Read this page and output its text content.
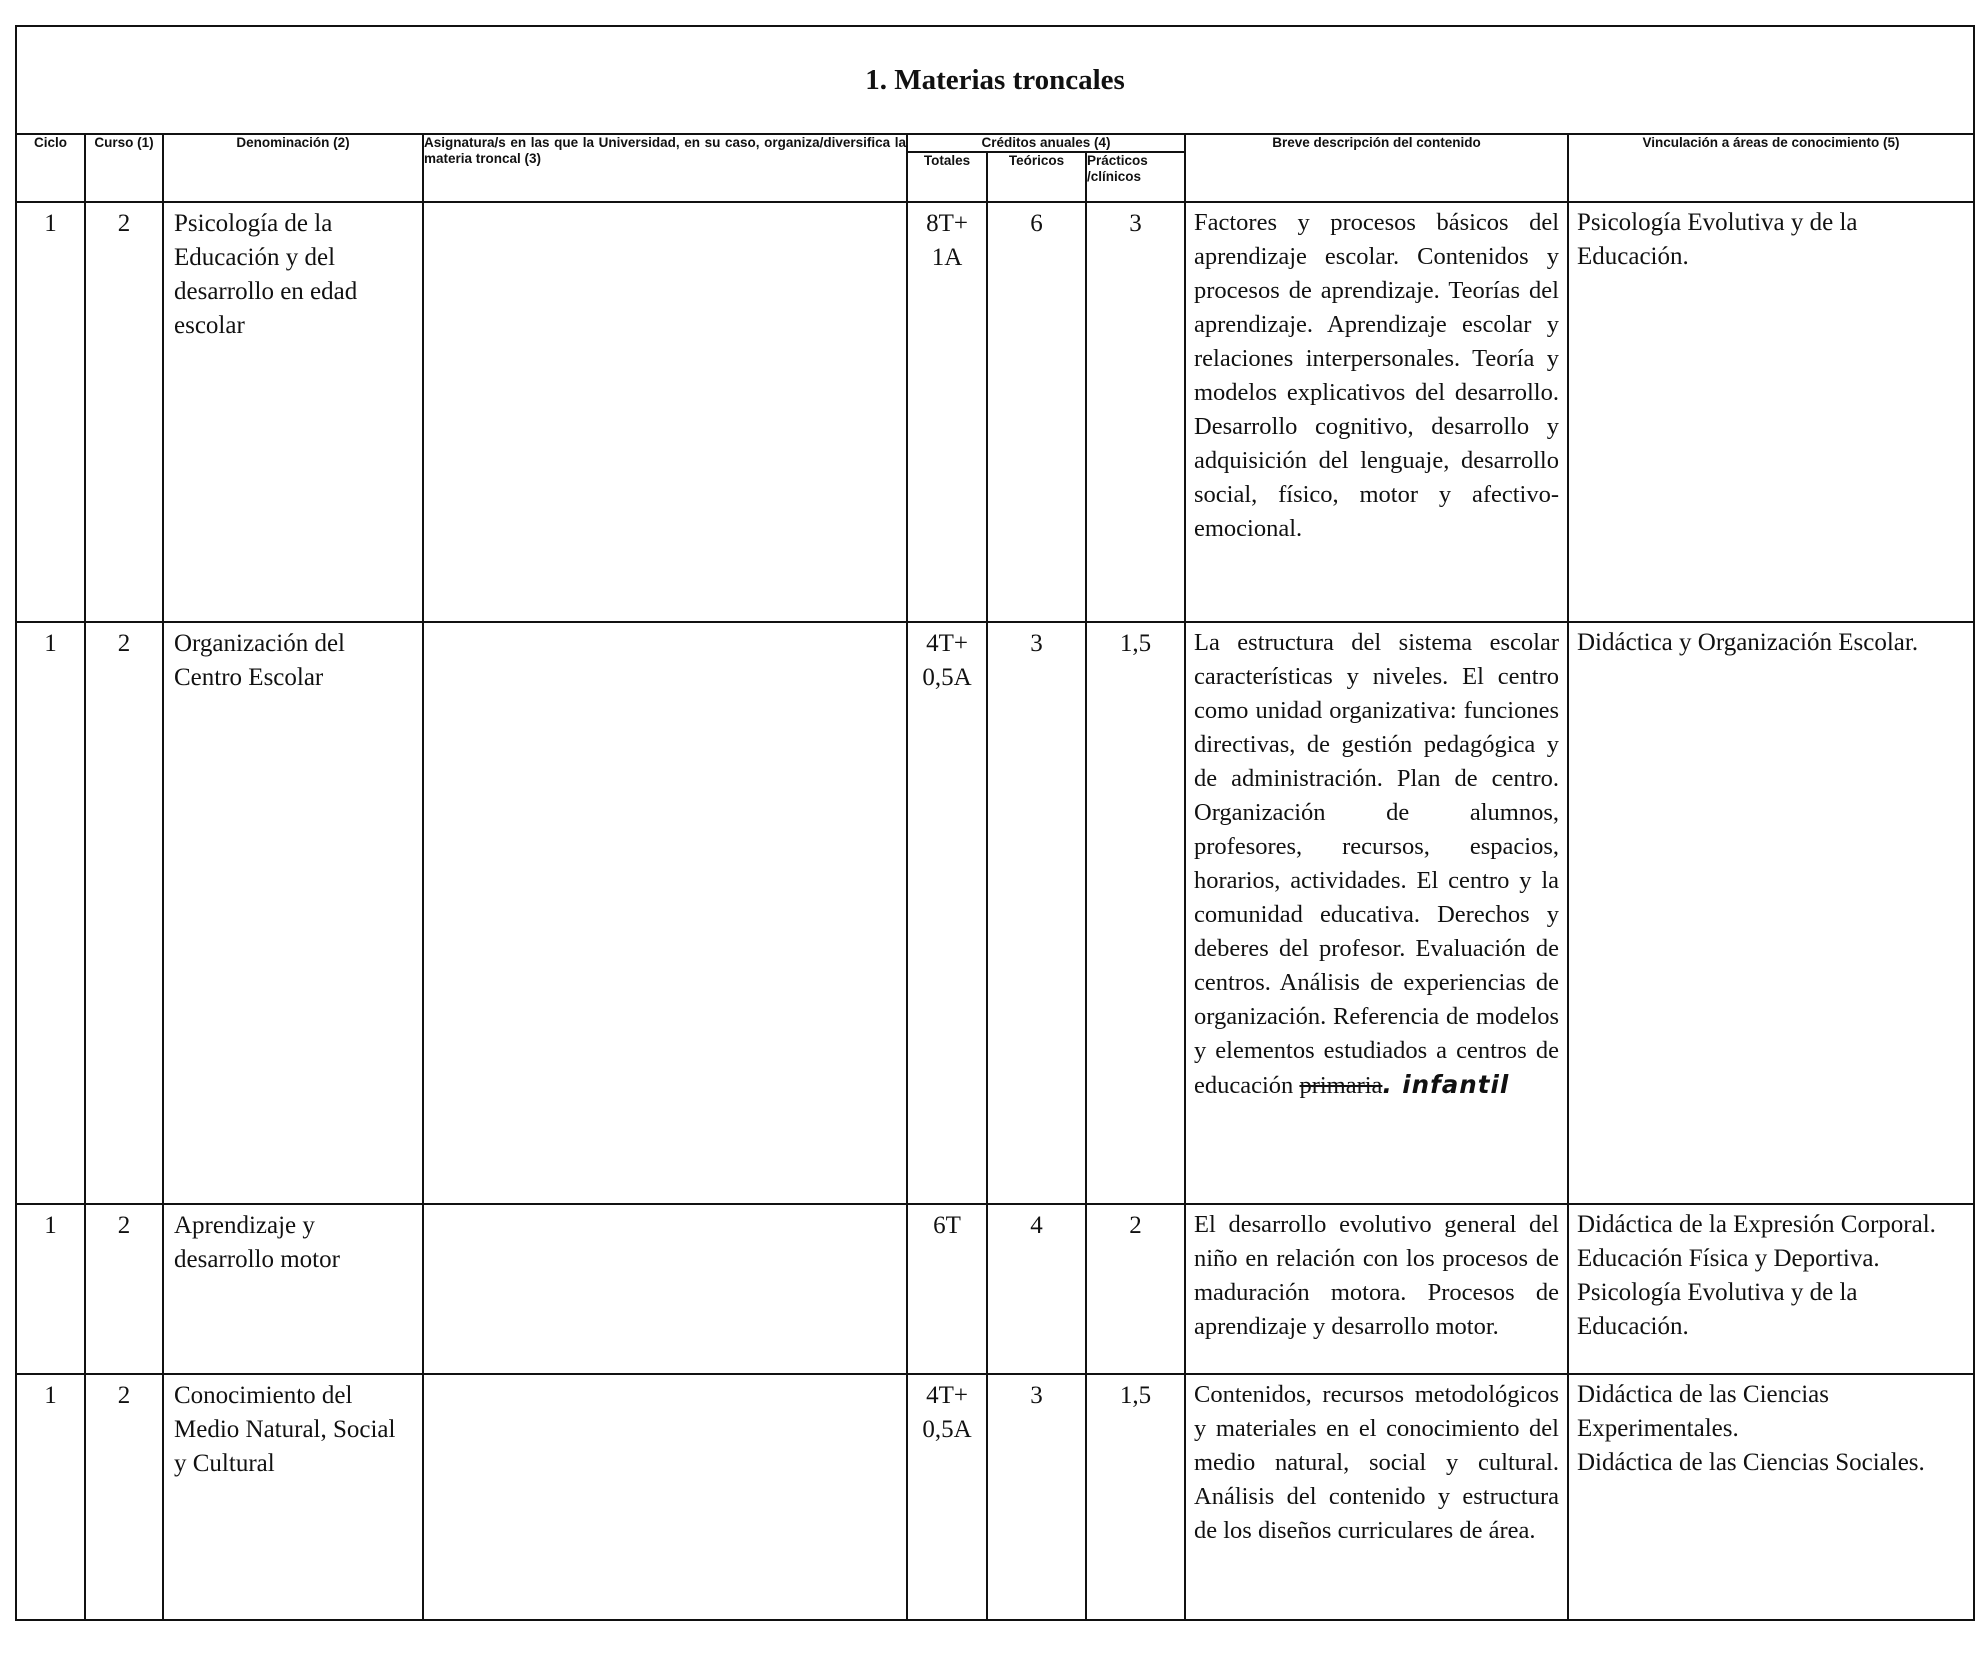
1. Materias troncales								
Ciclo	Curso (1)	Denominación (2)	Asignatura/s en las que la Universidad, en su caso, organiza/diversifica la materia troncal (3)	Créditos anuales (4)			Breve descripción del contenido	Vinculación a áreas de conocimiento (5)
				Totales	Teóricos	Prácticos /clínicos		
1	2	Psicología de la Educación y del desarrollo en edad escolar		8T+ 1A	6	3	Factores y procesos básicos del aprendizaje escolar. Contenidos y procesos de aprendizaje. Teorías del aprendizaje. Aprendizaje escolar y relaciones interpersonales. Teoría y modelos explicativos del desarrollo. Desarrollo cognitivo, desarrollo y adquisición del lenguaje, desarrollo social, físico, motor y afectivo-emocional.	Psicología Evolutiva y de la Educación.

1	2	Organización del Centro Escolar		4T+ 0,5A	3	1,5	La estructura del sistema escolar características y niveles. El centro como unidad organizativa: funciones directivas, de gestión pedagógica y de administración. Plan de centro. Organización de alumnos, profesores, recursos, espacios, horarios, actividades. El centro y la comunidad educativa. Derechos y deberes del profesor. Evaluación de centros. Análisis de experiencias de organización. Referencia de modelos y elementos estudiados a centros de educación primaria. infantil	Didáctica y Organización Escolar.

1	2	Aprendizaje y desarrollo motor		6T	4	2	El desarrollo evolutivo general del niño en relación con los procesos de maduración motora. Procesos de aprendizaje y desarrollo motor.	Didáctica de la Expresión Corporal.
Educación Física y Deportiva.
Psicología Evolutiva y de la Educación.

1	2	Conocimiento del Medio Natural, Social y Cultural		4T+ 0,5A	3	1,5	Contenidos, recursos metodológicos y materiales en el conocimiento del medio natural, social y cultural. Análisis del contenido y estructura de los diseños curriculares de área.	Didáctica de las Ciencias Experimentales.
Didáctica de las Ciencias Sociales.
